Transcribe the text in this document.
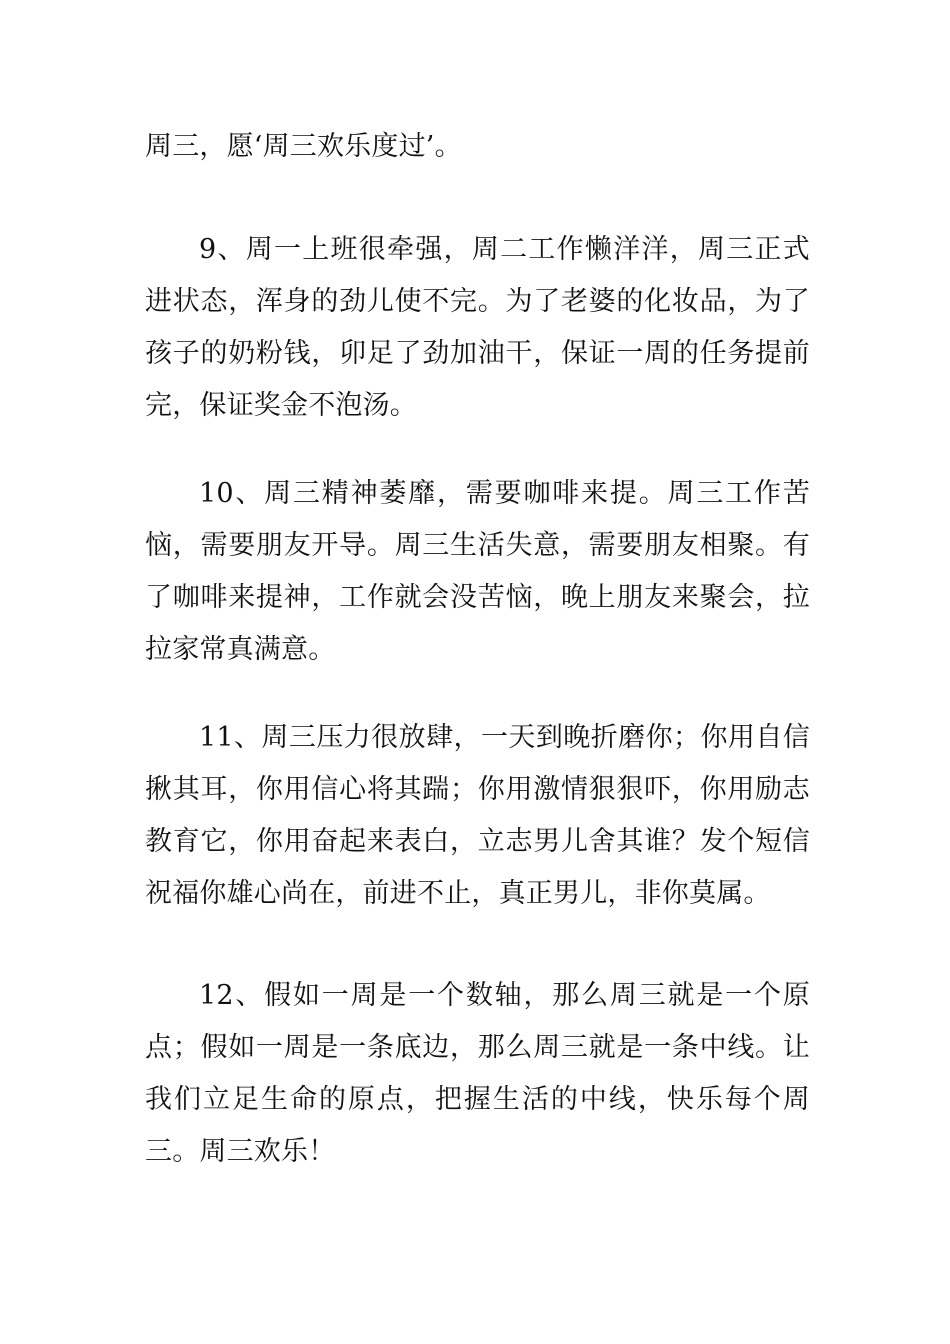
周三，愿‘周三欢乐度过’。

9、周一上班很牵强，周二工作懒洋洋，周三正式进状态，浑身的劲儿使不完。为了老婆的化妆品，为了孩子的奶粉钱，卯足了劲加油干，保证一周的任务提前完，保证奖金不泡汤。

10、周三精神萎靡，需要咖啡来提。周三工作苦恼，需要朋友开导。周三生活失意，需要朋友相聚。有了咖啡来提神，工作就会没苦恼，晚上朋友来聚会，拉拉家常真满意。

11、周三压力很放肆，一天到晚折磨你；你用自信揪其耳，你用信心将其踹；你用激情狠狠吓，你用励志教育它，你用奋起来表白，立志男儿舍其谁？发个短信祝福你雄心尚在，前进不止，真正男儿，非你莫属。

12、假如一周是一个数轴，那么周三就是一个原点；假如一周是一条底边，那么周三就是一条中线。让我们立足生命的原点，把握生活的中线，快乐每个周三。周三欢乐！
